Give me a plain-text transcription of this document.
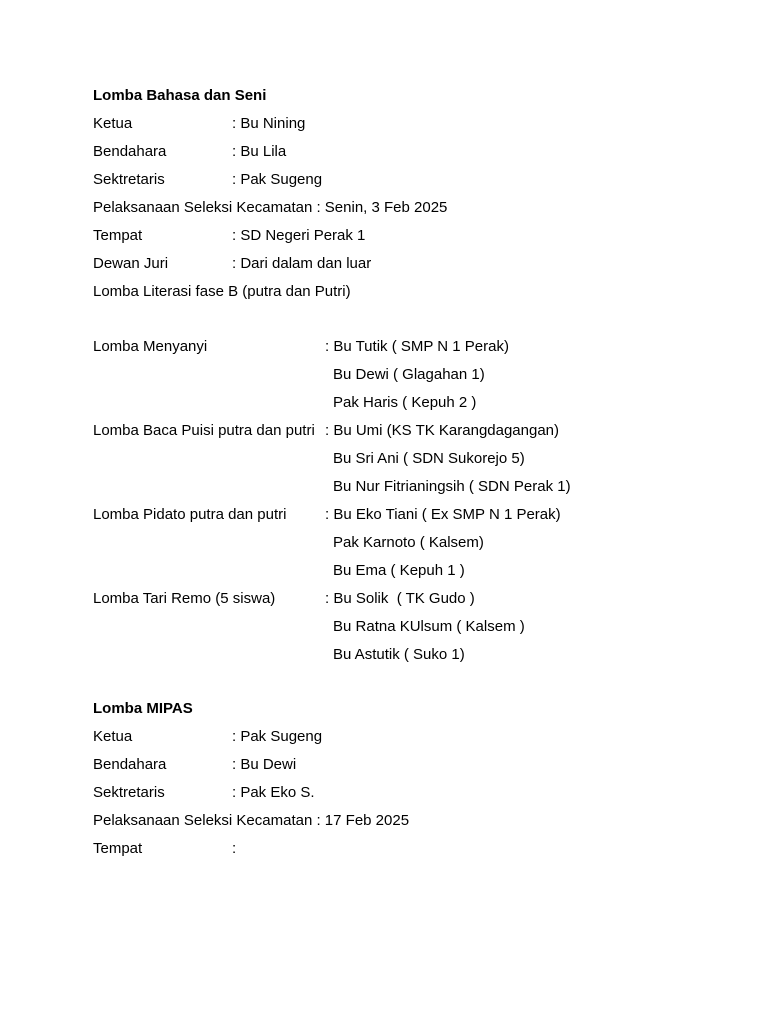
Lomba Bahasa dan Seni
Ketua	: Bu Nining
Bendahara	: Bu Lila
Sektretaris	: Pak Sugeng
Pelaksanaan Seleksi Kecamatan : Senin, 3 Feb 2025
Tempat	: SD Negeri Perak 1
Dewan Juri	: Dari dalam dan luar
Lomba Literasi fase B (putra dan Putri)
Lomba Menyanyi	: Bu Tutik ( SMP N 1 Perak)
Bu Dewi ( Glagahan 1)
Pak Haris ( Kepuh 2 )
Lomba Baca Puisi putra dan putri : Bu Umi (KS TK Karangdagangan)
Bu Sri Ani ( SDN Sukorejo 5)
Bu Nur Fitrianingsih ( SDN Perak 1)
Lomba Pidato putra dan putri	: Bu Eko Tiani ( Ex SMP N 1 Perak)
Pak Karnoto ( Kalsem)
Bu Ema ( Kepuh 1 )
Lomba Tari Remo (5 siswa)	: Bu Solik  ( TK Gudo )
Bu Ratna KUlsum ( Kalsem )
Bu Astutik ( Suko 1)
Lomba MIPAS
Ketua	: Pak Sugeng
Bendahara	: Bu Dewi
Sektretaris	: Pak Eko S.
Pelaksanaan Seleksi Kecamatan : 17 Feb 2025
Tempat	:
